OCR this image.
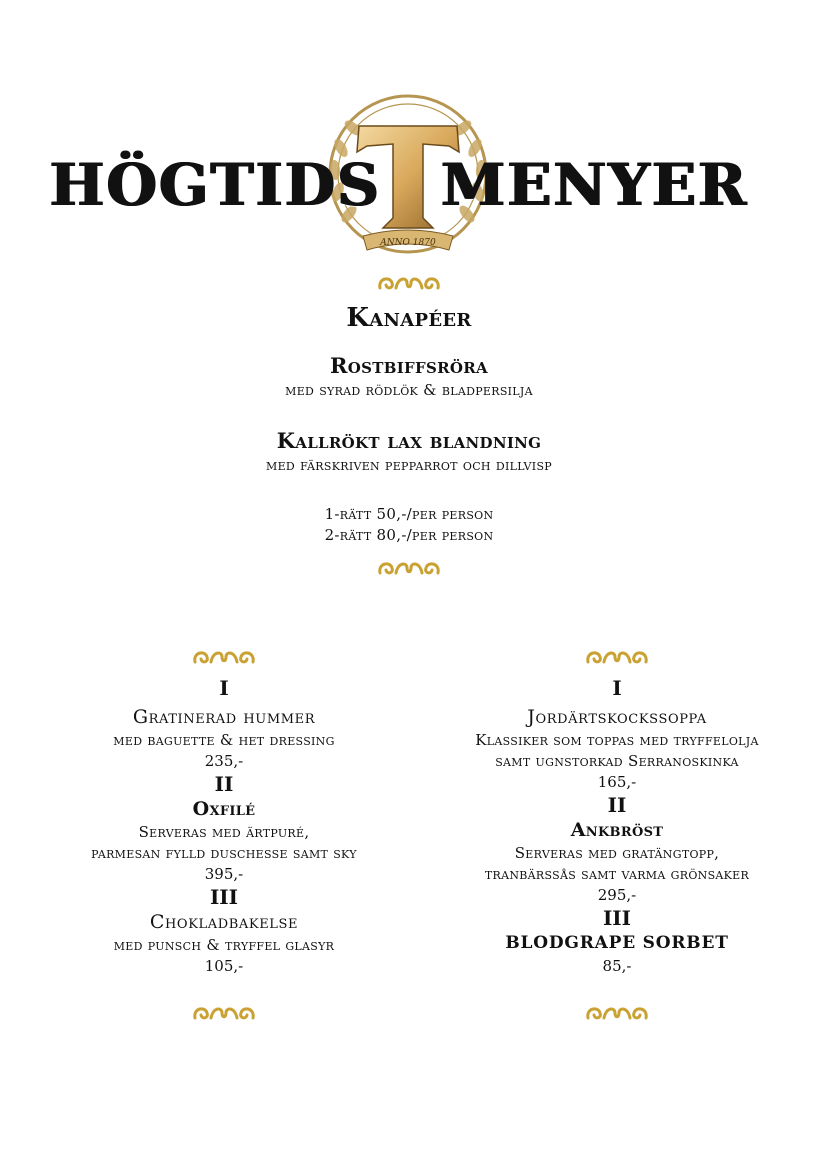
ANNO 1870
HÖGTIDS MENYER
Kanapéer
Rostbiffsröra
med syrad rödlök & bladpersilja
Kallrökt lax blandning
med färskriven pepparrot och dillvisp
1-rätt 50,-/per person
2-rätt 80,-/per person
I
Gratinerad hummer
med baguette & het dressing
235,-
II
Oxfilé
Serveras med ärtpuré,
parmesan fylld duschesse samt sky
395,-
III
Chokladbakelse
med punsch & tryffel glasyr
105,-
I
Jordärtskockssoppa
Klassiker som toppas med tryffelolja
samt ugnstorkad Serranoskinka
165,-
II
Ankbröst
Serveras med gratängtopp,
tranbärssås samt varma grönsaker
295,-
III
BLODGRAPE SORBET
85,-
